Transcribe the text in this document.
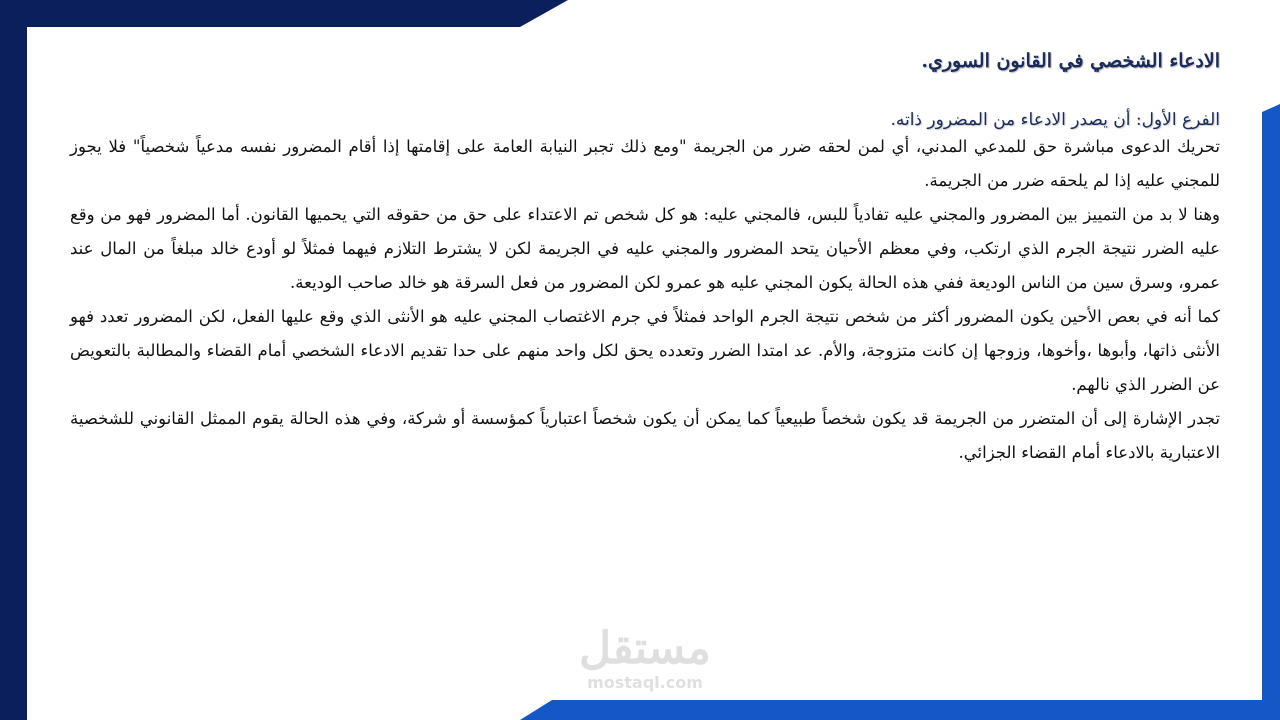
الادعاء الشخصي في القانون السوري.

الفرع الأول: أن يصدر الادعاء من المضرور ذاته.

تحريك الدعوى مباشرة حق للمدعي المدني، أي لمن لحقه ضرر من الجريمة "ومع ذلك تجبر النيابة العامة على إقامتها إذا أقام المضرور نفسه مدعياً شخصياً" فلا يجوز للمجني عليه إذا لم يلحقه ضرر من الجريمة.

وهنا لا بد من التمييز بين المضرور والمجني عليه تفادياً للبس، فالمجني عليه: هو كل شخص تم الاعتداء على حق من حقوقه التي يحميها القانون. أما المضرور فهو من وقع عليه الضرر نتيجة الجرم الذي ارتكب، وفي معظم الأحيان يتحد المضرور والمجني عليه في الجريمة لكن لا يشترط التلازم فيهما فمثلاً لو أودع خالد مبلغاً من المال عند عمرو، وسرق سين من الناس الوديعة ففي هذه الحالة يكون المجني عليه هو عمرو لكن المضرور من فعل السرقة هو خالد صاحب الوديعة.

كما أنه في بعص الأحين يكون المضرور أكثر من شخص نتيجة الجرم الواحد فمثلاً في جرم الاغتصاب المجني عليه هو الأنثى الذي وقع عليها الفعل، لكن المضرور تعدد فهو الأنثى ذاتها، وأبوها ،وأخوها، وزوجها إن كانت متزوجة، والأم. عد امتدا الضرر وتعدده يحق لكل واحد منهم على حدا تقديم الادعاء الشخصي أمام القضاء والمطالبة بالتعويض عن الضرر الذي نالهم.

تجدر الإشارة إلى أن المتضرر من الجريمة قد يكون شخصاً طبيعياً كما يمكن أن يكون شخصاً اعتبارياً كمؤسسة أو شركة، وفي هذه الحالة يقوم الممثل القانوني للشخصية الاعتبارية بالادعاء أمام القضاء الجزائي.

مستقل
mostaql.com
